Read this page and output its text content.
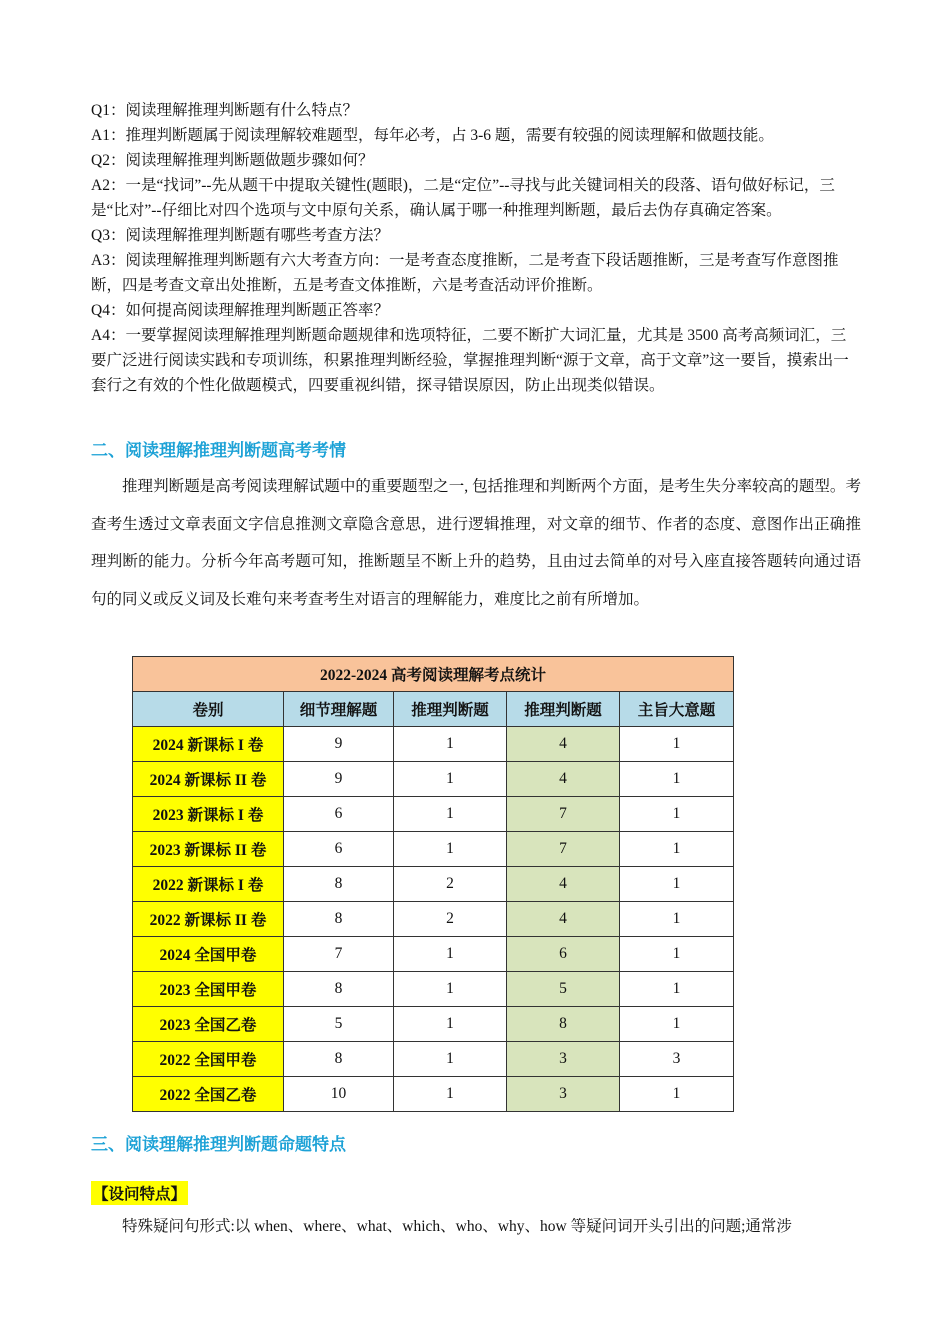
Q1：阅读理解推理判断题有什么特点？

A1：推理判断题属于阅读理解较难题型，每年必考，占 3-6 题，需要有较强的阅读理解和做题技能。

Q2：阅读理解推理判断题做题步骤如何？

A2：一是“找词”--先从题干中提取关键性(题眼)，二是“定位”--寻找与此关键词相关的段落、语句做好标记，三是“比对”--仔细比对四个选项与文中原句关系，确认属于哪一种推理判断题，最后去伪存真确定答案。

Q3：阅读理解推理判断题有哪些考查方法？

A3：阅读理解推理判断题有六大考查方向：一是考查态度推断，二是考查下段话题推断，三是考查写作意图推断，四是考查文章出处推断，五是考查文体推断，六是考查活动评价推断。

Q4：如何提高阅读理解推理判断题正答率？

A4：一要掌握阅读理解推理判断题命题规律和选项特征，二要不断扩大词汇量，尤其是 3500 高考高频词汇，三要广泛进行阅读实践和专项训练，积累推理判断经验，掌握推理判断“源于文章，高于文章”这一要旨，摸索出一套行之有效的个性化做题模式，四要重视纠错，探寻错误原因，防止出现类似错误。

二、阅读理解推理判断题高考考情

推理判断题是高考阅读理解试题中的重要题型之一, 包括推理和判断两个方面，是考生失分率较高的题型。考查考生透过文章表面文字信息推测文章隐含意思，进行逻辑推理，对文章的细节、作者的态度、意图作出正确推理判断的能力。分析今年高考题可知，推断题呈不断上升的趋势，且由过去简单的对号入座直接答题转向通过语句的同义或反义词及长难句来考查考生对语言的理解能力，难度比之前有所增加。

2022-2024 高考阅读理解考点统计				
卷别	细节理解题	推理判断题	推理判断题	主旨大意题
2024 新课标 I 卷	9	1	4	1
2024 新课标 II 卷	9	1	4	1
2023 新课标 I 卷	6	1	7	1
2023 新课标 II 卷	6	1	7	1
2022 新课标 I 卷	8	2	4	1
2022 新课标 II 卷	8	2	4	1
2024 全国甲卷	7	1	6	1
2023 全国甲卷	8	1	5	1
2023 全国乙卷	5	1	8	1
2022 全国甲卷	8	1	3	3
2022 全国乙卷	10	1	3	1
三、阅读理解推理判断题命题特点

【设问特点】

特殊疑问句形式:以 when、where、what、which、who、why、how 等疑问词开头引出的问题;通常涉
